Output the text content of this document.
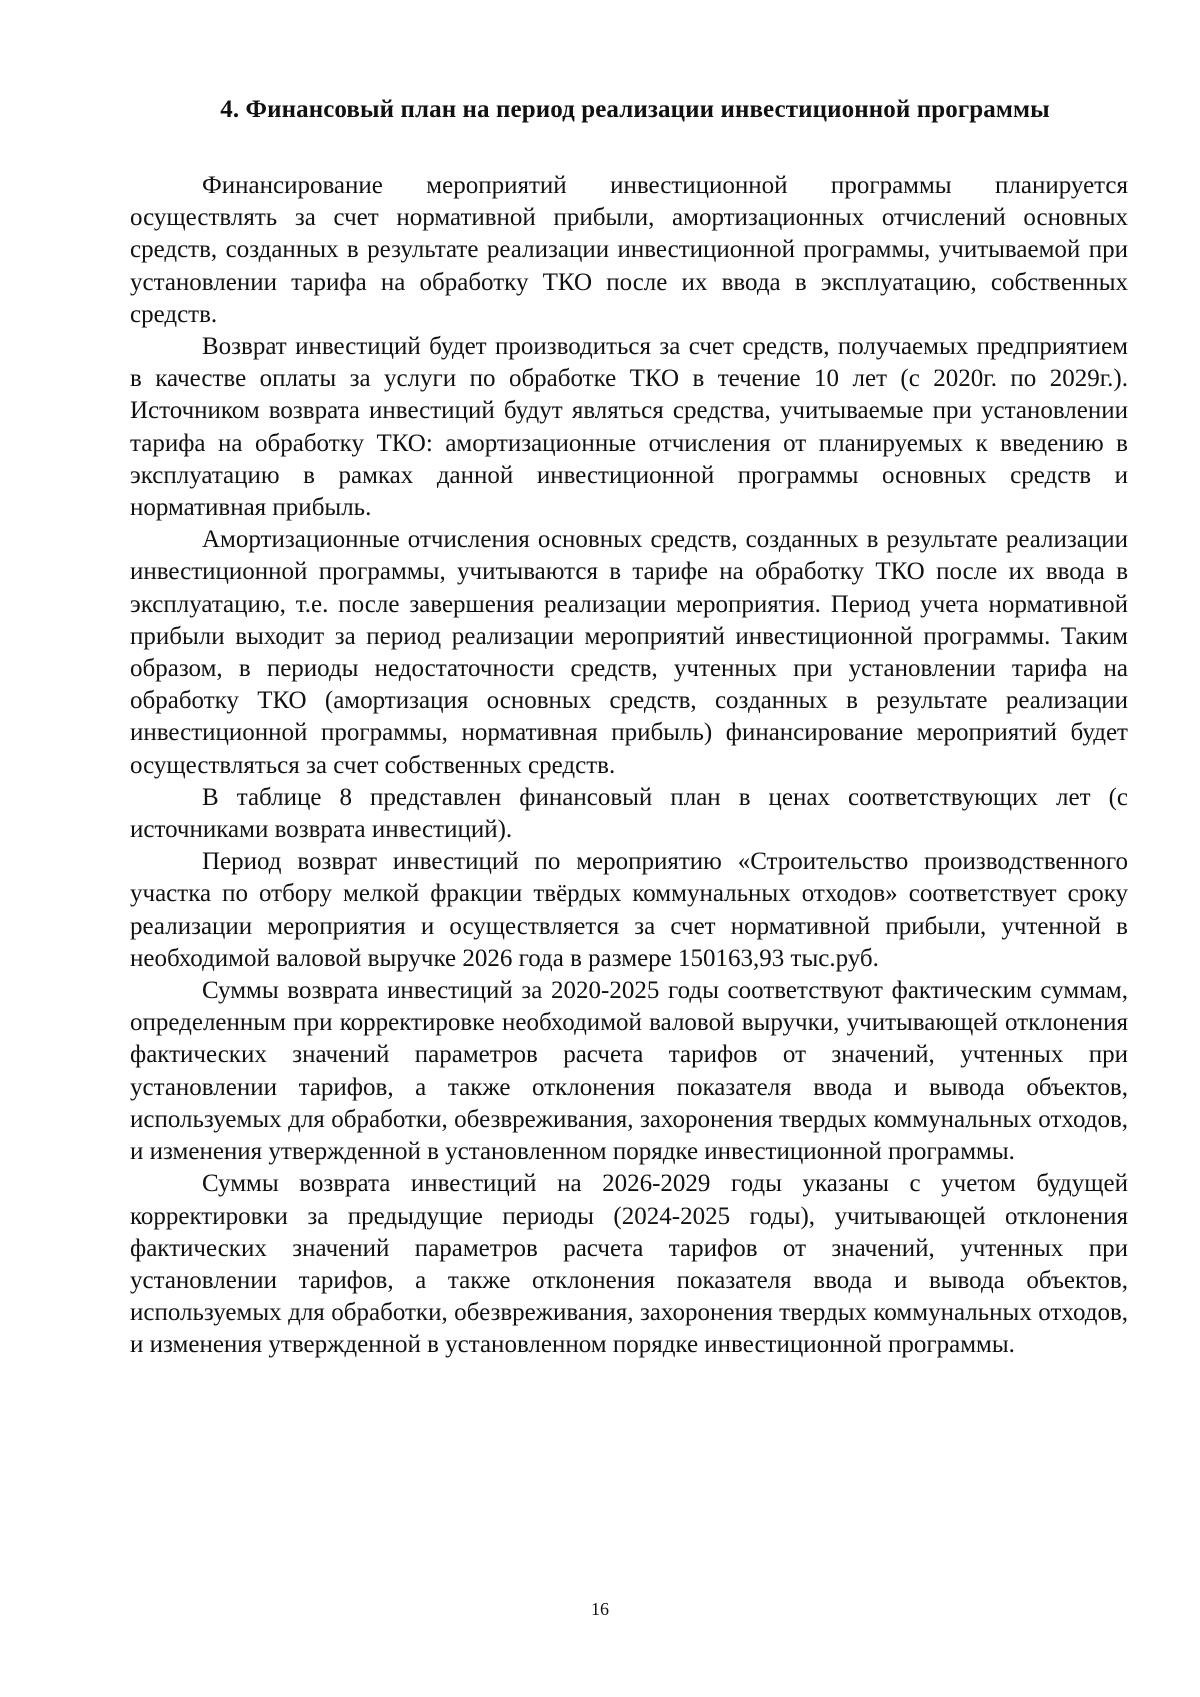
4. Финансовый план на период реализации инвестиционной программы

Финансирование мероприятий инвестиционной программы планируется осуществлять за счет нормативной прибыли, амортизационных отчислений основных средств, созданных в результате реализации инвестиционной программы, учитываемой при установлении тарифа на обработку ТКО после их ввода в эксплуатацию, собственных средств.

Возврат инвестиций будет производиться за счет средств, получаемых предприятием в качестве оплаты за услуги по обработке ТКО в течение 10 лет (с 2020г. по 2029г.). Источником возврата инвестиций будут являться средства, учитываемые при установлении тарифа на обработку ТКО: амортизационные отчисления от планируемых к введению в эксплуатацию в рамках данной инвестиционной программы основных средств и нормативная прибыль.

Амортизационные отчисления основных средств, созданных в результате реализации инвестиционной программы, учитываются в тарифе на обработку ТКО после их ввода в эксплуатацию, т.е. после завершения реализации мероприятия. Период учета нормативной прибыли выходит за период реализации мероприятий инвестиционной программы. Таким образом, в периоды недостаточности средств, учтенных при установлении тарифа на обработку ТКО (амортизация основных средств, созданных в результате реализации инвестиционной программы, нормативная прибыль) финансирование мероприятий будет осуществляться за счет собственных средств.

В таблице 8 представлен финансовый план в ценах соответствующих лет (с источниками возврата инвестиций).

Период возврат инвестиций по мероприятию «Строительство производственного участка по отбору мелкой фракции твёрдых коммунальных отходов» соответствует сроку реализации мероприятия и осуществляется за счет нормативной прибыли, учтенной в необходимой валовой выручке 2026 года в размере 150163,93 тыс.руб.

Суммы возврата инвестиций за 2020-2025 годы соответствуют фактическим суммам, определенным при корректировке необходимой валовой выручки, учитывающей отклонения фактических значений параметров расчета тарифов от значений, учтенных при установлении тарифов, а также отклонения показателя ввода и вывода объектов, используемых для обработки, обезвреживания, захоронения твердых коммунальных отходов, и изменения утвержденной в установленном порядке инвестиционной программы.

Суммы возврата инвестиций на 2026-2029 годы указаны с учетом будущей корректировки за предыдущие периоды (2024-2025 годы), учитывающей отклонения фактических значений параметров расчета тарифов от значений, учтенных при установлении тарифов, а также отклонения показателя ввода и вывода объектов, используемых для обработки, обезвреживания, захоронения твердых коммунальных отходов, и изменения утвержденной в установленном порядке инвестиционной программы.

16
